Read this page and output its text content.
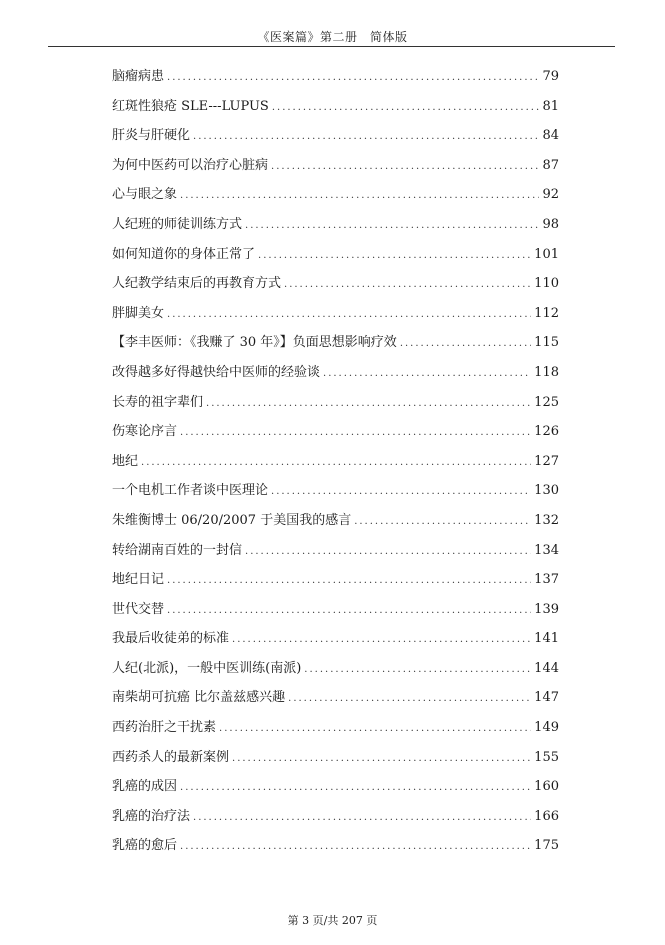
《医案篇》第二册　简体版
脑瘤病患 .....	79
红斑性狼疮 SLE---LUPUS .....	81
肝炎与肝硬化 .....	84
为何中医药可以治疗心脏病 .....	87
心与眼之象 .....	92
人纪班的师徒训练方式 .....	98
如何知道你的身体正常了 .....	101
人纪教学结束后的再教育方式 .....	110
胖脚美女 .....	112
【李丰医师：《我赚了 30 年》】负面思想影响疗效 .....	115
改得越多好得越快给中医师的经验谈 .....	118
长寿的祖字辈们 .....	125
伤寒论序言 .....	126
地纪 .....	127
一个电机工作者谈中医理论 .....	130
朱维衡博士 06/20/2007 于美国我的感言 .....	132
转给湖南百姓的一封信 .....	134
地纪日记 .....	137
世代交替 .....	139
我最后收徒弟的标准 .....	141
人纪(北派)，一般中医训练(南派) .....	144
南柴胡可抗癌 比尔盖兹感兴趣 .....	147
西药治肝之干扰素 .....	149
西药杀人的最新案例 .....	155
乳癌的成因 .....	160
乳癌的治疗法 .....	166
乳癌的愈后 .....	175
第 3 页/共 207 页
